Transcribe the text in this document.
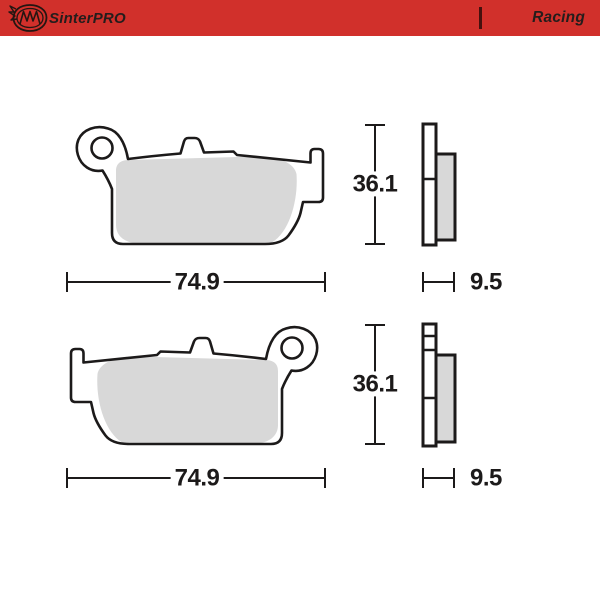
SinterPRO	Racing
36.1
9.5
74.9
36.1
9.5
74.9
